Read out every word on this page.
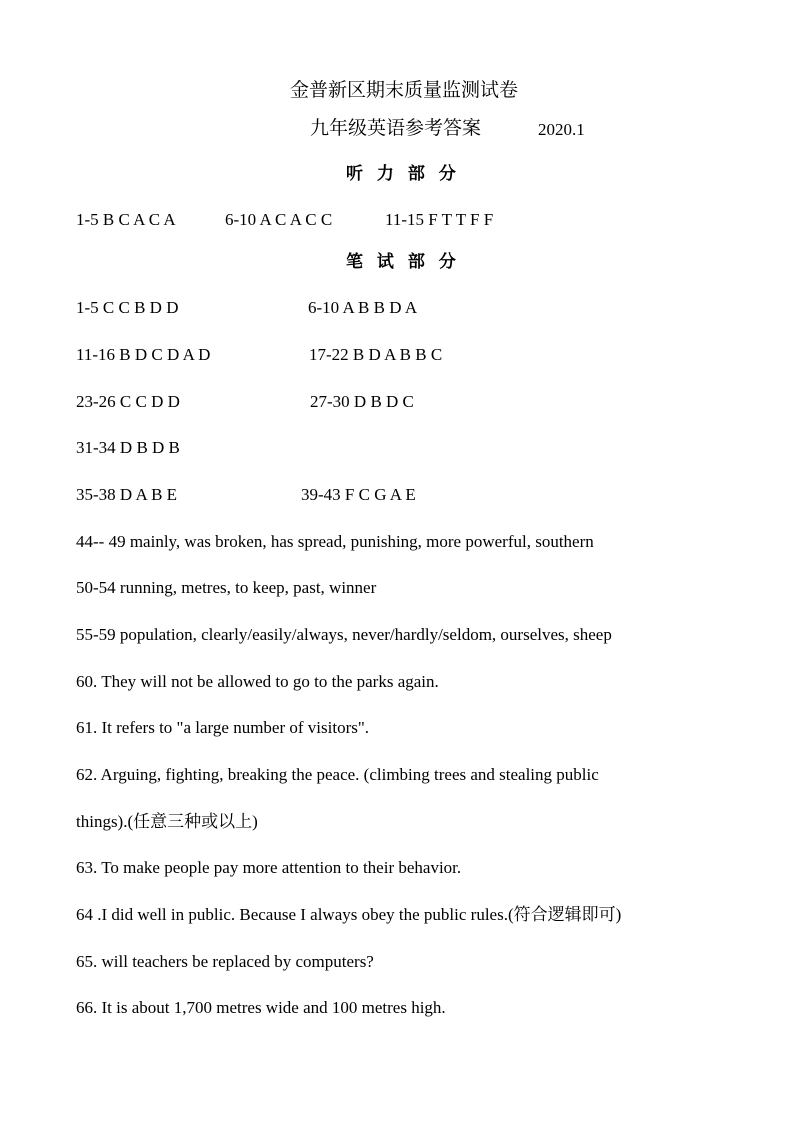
金普新区期末质量监测试卷
九年级英语参考答案	2020.1
听 力 部 分
1-5 B C A C A	6-10 A C A C C	11-15 F T T F F
笔 试 部 分
1-5 C C B D D	6-10 A B B D A
11-16 B D C D A D	17-22 B D A B B C
23-26 C C D D	27-30 D B D C
31-34 D B D B
35-38 D A B E	39-43 F C G A E
44-- 49 mainly, was broken, has spread, punishing, more powerful, southern
50-54 running, metres, to keep, past, winner
55-59 population, clearly/easily/always, never/hardly/seldom, ourselves, sheep
60. They will not be allowed to go to the parks again.
61. It refers to "a large number of visitors".
62. Arguing, fighting, breaking the peace. (climbing trees and stealing public
things).(任意三种或以上)
63. To make people pay more attention to their behavior.
64 .I did well in public. Because I always obey the public rules.(符合逻辑即可)
65. will teachers be replaced by computers?
66. It is about 1,700 metres wide and 100 metres high.
